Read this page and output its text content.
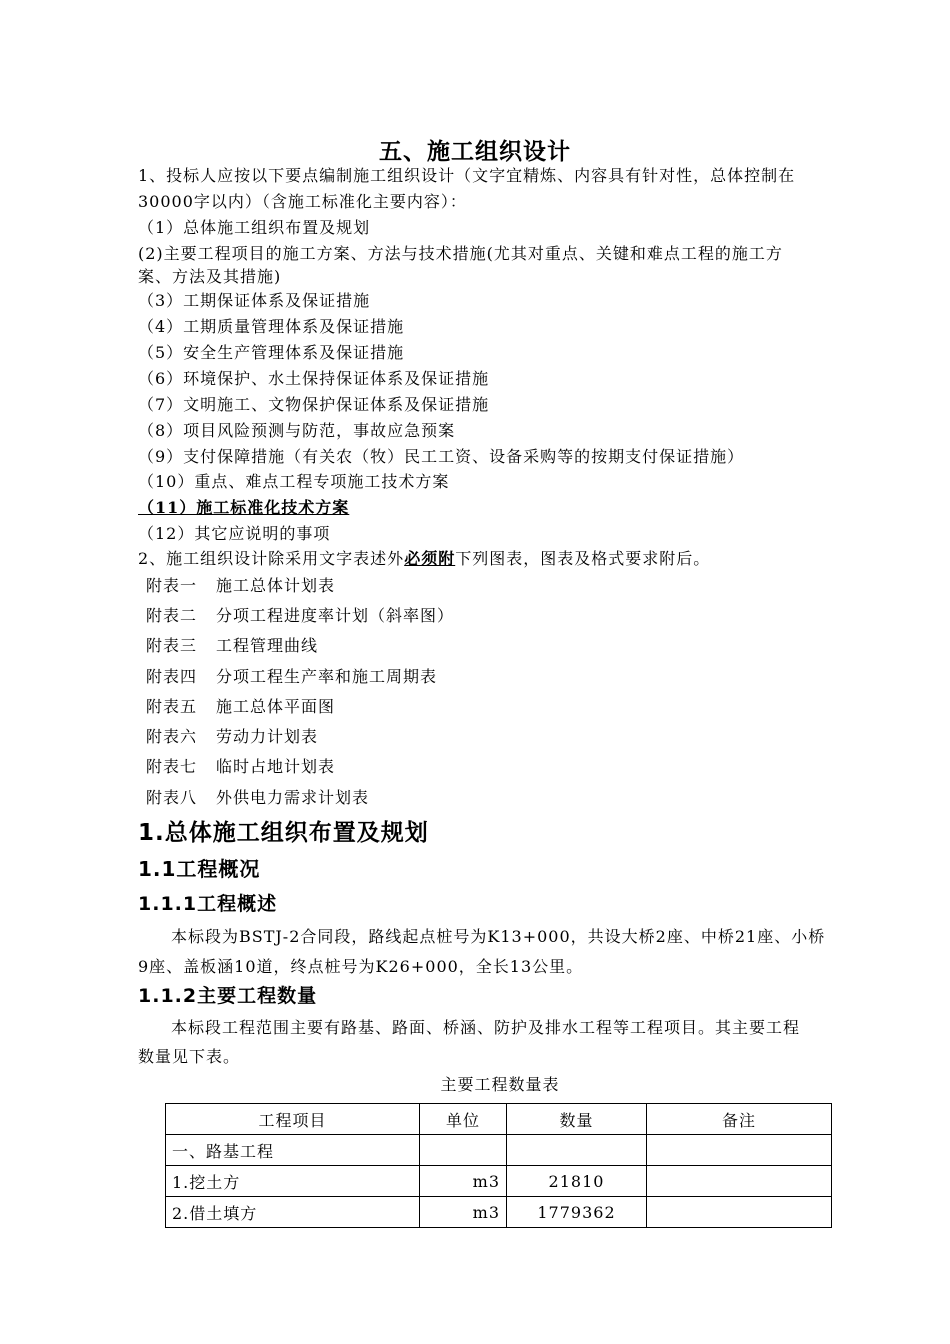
五、施工组织设计
1、投标人应按以下要点编制施工组织设计（文字宜精炼、内容具有针对性，总体控制在
30000字以内）（含施工标准化主要内容）：
（1）总体施工组织布置及规划
(2)主要工程项目的施工方案、方法与技术措施(尤其对重点、关键和难点工程的施工方
案、方法及其措施)
（3）工期保证体系及保证措施
（4）工期质量管理体系及保证措施
（5）安全生产管理体系及保证措施
（6）环境保护、水土保持保证体系及保证措施
（7）文明施工、文物保护保证体系及保证措施
（8）项目风险预测与防范，事故应急预案
（9）支付保障措施（有关农（牧）民工工资、设备采购等的按期支付保证措施）
（10）重点、难点工程专项施工技术方案
（11）施工标准化技术方案
（12）其它应说明的事项
2、施工组织设计除采用文字表述外必须附下列图表，图表及格式要求附后。
附表一 施工总体计划表
附表二 分项工程进度率计划（斜率图）
附表三 工程管理曲线
附表四 分项工程生产率和施工周期表
附表五 施工总体平面图
附表六 劳动力计划表
附表七 临时占地计划表
附表八 外供电力需求计划表
1.总体施工组织布置及规划
1.1工程概况
1.1.1工程概述
本标段为BSTJ-2合同段，路线起点桩号为K13+000，共设大桥2座、中桥21座、小桥
9座、盖板涵10道，终点桩号为K26+000，全长13公里。
1.1.2主要工程数量
本标段工程范围主要有路基、路面、桥涵、防护及排水工程等工程项目。其主要工程
数量见下表。
主要工程数量表
工程项目	单位	数量	备注
一、路基工程			
1.挖土方	m3	21810	
2.借土填方	m3	1779362	
